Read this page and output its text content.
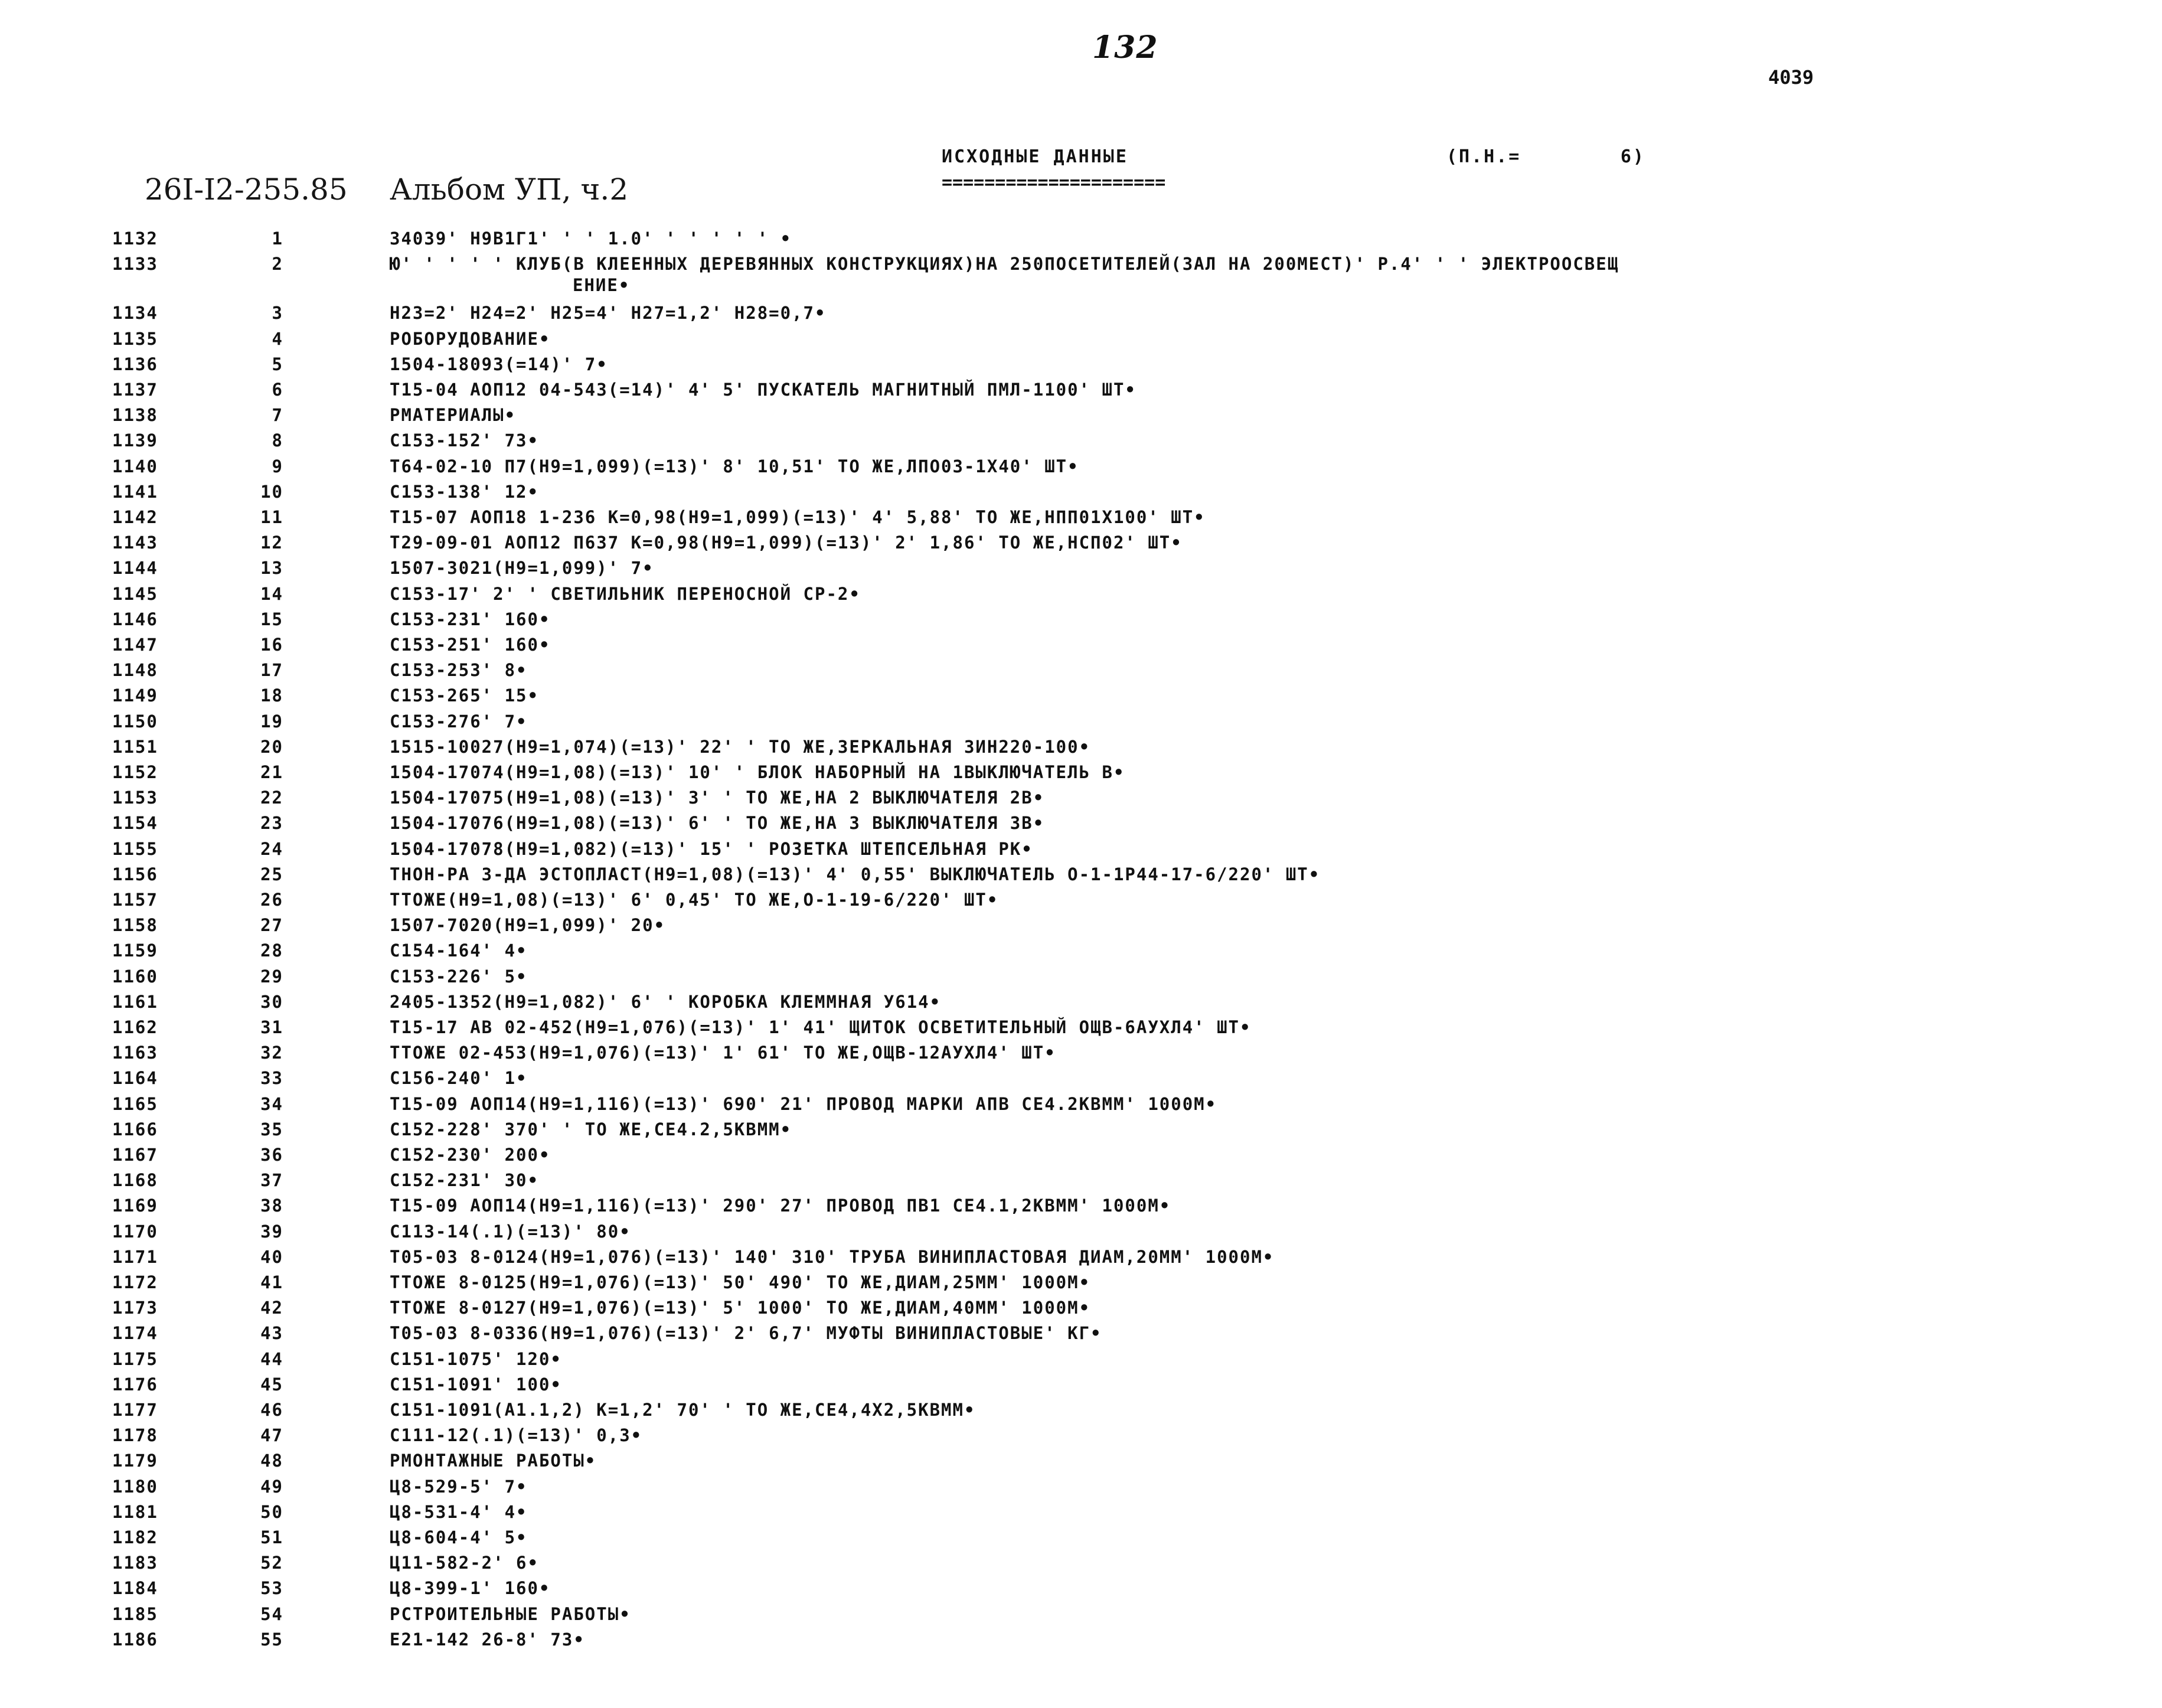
132
4039
26I-I2-255.85 Альбом УП, ч.2
ИСХОДНЫЕ ДАННЫЕ
=====================
(П.Н.=        6)
1132	1	34039' Н9В1Г1' ' ' 1.0' ' ' ' ' ' •
1133	2	Ю' ' ' ' ' КЛУБ(В КЛЕЕННЫХ ДЕРЕВЯННЫХ КОНСТРУКЦИЯХ)НА 250ПОСЕТИТЕЛЕЙ(ЗАЛ НА 200МЕСТ)' Р.4' ' ' ЭЛЕКТРООСВЕЩ
ЕНИЕ•
1134	3	Н23=2' Н24=2' Н25=4' Н27=1,2' Н28=0,7•
1135	4	РОБОРУДОВАНИЕ•
1136	5	1504-18093(=14)' 7•
1137	6	Т15-04 АОП12 04-543(=14)' 4' 5' ПУСКАТЕЛЬ МАГНИТНЫЙ ПМЛ-1100' ШТ•
1138	7	РМАТЕРИАЛЫ•
1139	8	С153-152' 73•
1140	9	Т64-02-10 П7(Н9=1,099)(=13)' 8' 10,51' ТО ЖЕ,ЛПО03-1Х40' ШТ•
1141	10	С153-138' 12•
1142	11	Т15-07 АОП18 1-236 К=0,98(Н9=1,099)(=13)' 4' 5,88' ТО ЖЕ,НПП01Х100' ШТ•
1143	12	Т29-09-01 АОП12 П637 К=0,98(Н9=1,099)(=13)' 2' 1,86' ТО ЖЕ,НСП02' ШТ•
1144	13	1507-3021(Н9=1,099)' 7•
1145	14	С153-17' 2' ' СВЕТИЛЬНИК ПЕРЕНОСНОЙ СР-2•
1146	15	С153-231' 160•
1147	16	С153-251' 160•
1148	17	С153-253' 8•
1149	18	С153-265' 15•
1150	19	С153-276' 7•
1151	20	1515-10027(Н9=1,074)(=13)' 22' ' ТО ЖЕ,ЗЕРКАЛЬНАЯ ЗИН220-100•
1152	21	1504-17074(Н9=1,08)(=13)' 10' ' БЛОК НАБОРНЫЙ НА 1ВЫКЛЮЧАТЕЛЬ В•
1153	22	1504-17075(Н9=1,08)(=13)' 3' ' ТО ЖЕ,НА 2 ВЫКЛЮЧАТЕЛЯ 2В•
1154	23	1504-17076(Н9=1,08)(=13)' 6' ' ТО ЖЕ,НА 3 ВЫКЛЮЧАТЕЛЯ 3В•
1155	24	1504-17078(Н9=1,082)(=13)' 15' ' РОЗЕТКА ШТЕПСЕЛЬНАЯ РК•
1156	25	ТНОН-РА 3-ДА ЭСТОПЛАСТ(Н9=1,08)(=13)' 4' 0,55' ВЫКЛЮЧАТЕЛЬ О-1-1Р44-17-6/220' ШТ•
1157	26	ТТОЖЕ(Н9=1,08)(=13)' 6' 0,45' ТО ЖЕ,О-1-19-6/220' ШТ•
1158	27	1507-7020(Н9=1,099)' 20•
1159	28	С154-164' 4•
1160	29	С153-226' 5•
1161	30	2405-1352(Н9=1,082)' 6' ' КОРОБКА КЛЕММНАЯ У614•
1162	31	Т15-17 АВ 02-452(Н9=1,076)(=13)' 1' 41' ЩИТОК ОСВЕТИТЕЛЬНЫЙ ОЩВ-6АУХЛ4' ШТ•
1163	32	ТТОЖЕ 02-453(Н9=1,076)(=13)' 1' 61' ТО ЖЕ,ОЩВ-12АУХЛ4' ШТ•
1164	33	С156-240' 1•
1165	34	Т15-09 АОП14(Н9=1,116)(=13)' 690' 21' ПРОВОД МАРКИ АПВ СЕ4.2КВММ' 1000М•
1166	35	С152-228' 370' ' ТО ЖЕ,СЕ4.2,5КВММ•
1167	36	С152-230' 200•
1168	37	С152-231' 30•
1169	38	Т15-09 АОП14(Н9=1,116)(=13)' 290' 27' ПРОВОД ПВ1 СЕ4.1,2КВММ' 1000М•
1170	39	С113-14(.1)(=13)' 80•
1171	40	Т05-03 8-0124(Н9=1,076)(=13)' 140' 310' ТРУБА ВИНИПЛАСТОВАЯ ДИАМ,20ММ' 1000М•
1172	41	ТТОЖЕ 8-0125(Н9=1,076)(=13)' 50' 490' ТО ЖЕ,ДИАМ,25ММ' 1000М•
1173	42	ТТОЖЕ 8-0127(Н9=1,076)(=13)' 5' 1000' ТО ЖЕ,ДИАМ,40ММ' 1000М•
1174	43	Т05-03 8-0336(Н9=1,076)(=13)' 2' 6,7' МУФТЫ ВИНИПЛАСТОВЫЕ' КГ•
1175	44	С151-1075' 120•
1176	45	С151-1091' 100•
1177	46	С151-1091(А1.1,2) К=1,2' 70' ' ТО ЖЕ,СЕ4,4Х2,5КВММ•
1178	47	С111-12(.1)(=13)' 0,3•
1179	48	РМОНТАЖНЫЕ РАБОТЫ•
1180	49	Ц8-529-5' 7•
1181	50	Ц8-531-4' 4•
1182	51	Ц8-604-4' 5•
1183	52	Ц11-582-2' 6•
1184	53	Ц8-399-1' 160•
1185	54	РСТРОИТЕЛЬНЫЕ РАБОТЫ•
1186	55	Е21-142 26-8' 73•
